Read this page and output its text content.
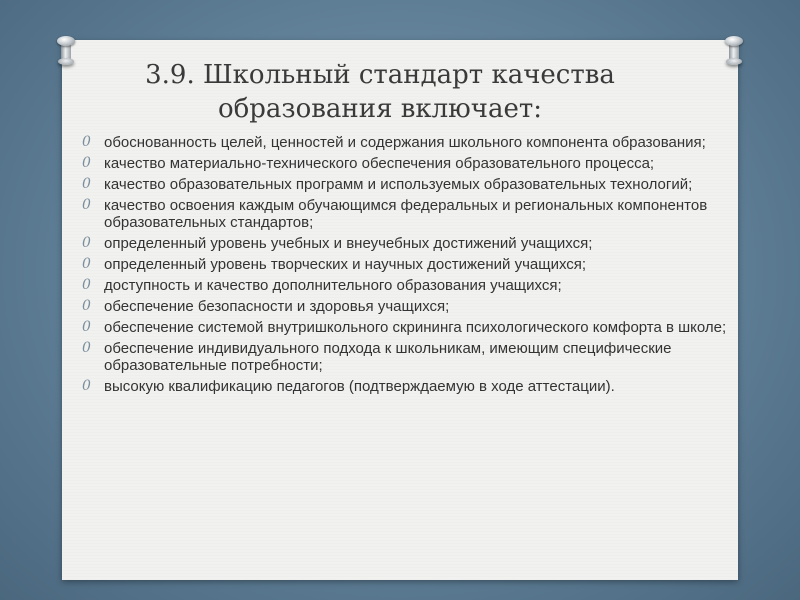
3.9. Школьный стандарт качества
образования включает:
0 обоснованность целей, ценностей и содержания школьного компонента образования;
0 качество материально-технического обеспечения образовательного процесса;
0 качество образовательных программ и используемых образовательных технологий;
0 качество освоения каждым обучающимся федеральных и региональных компонентов образовательных стандартов;
0 определенный уровень учебных и внеучебных достижений учащихся;
0 определенный уровень творческих и научных достижений учащихся;
0 доступность и качество дополнительного образования учащихся;
0 обеспечение безопасности и здоровья учащихся;
0 обеспечение системой внутришкольного скрининга психологического комфорта в школе;
0 обеспечение индивидуального подхода к школьникам, имеющим специфические образовательные потребности;
0 высокую квалификацию педагогов (подтверждаемую в ходе аттестации).
